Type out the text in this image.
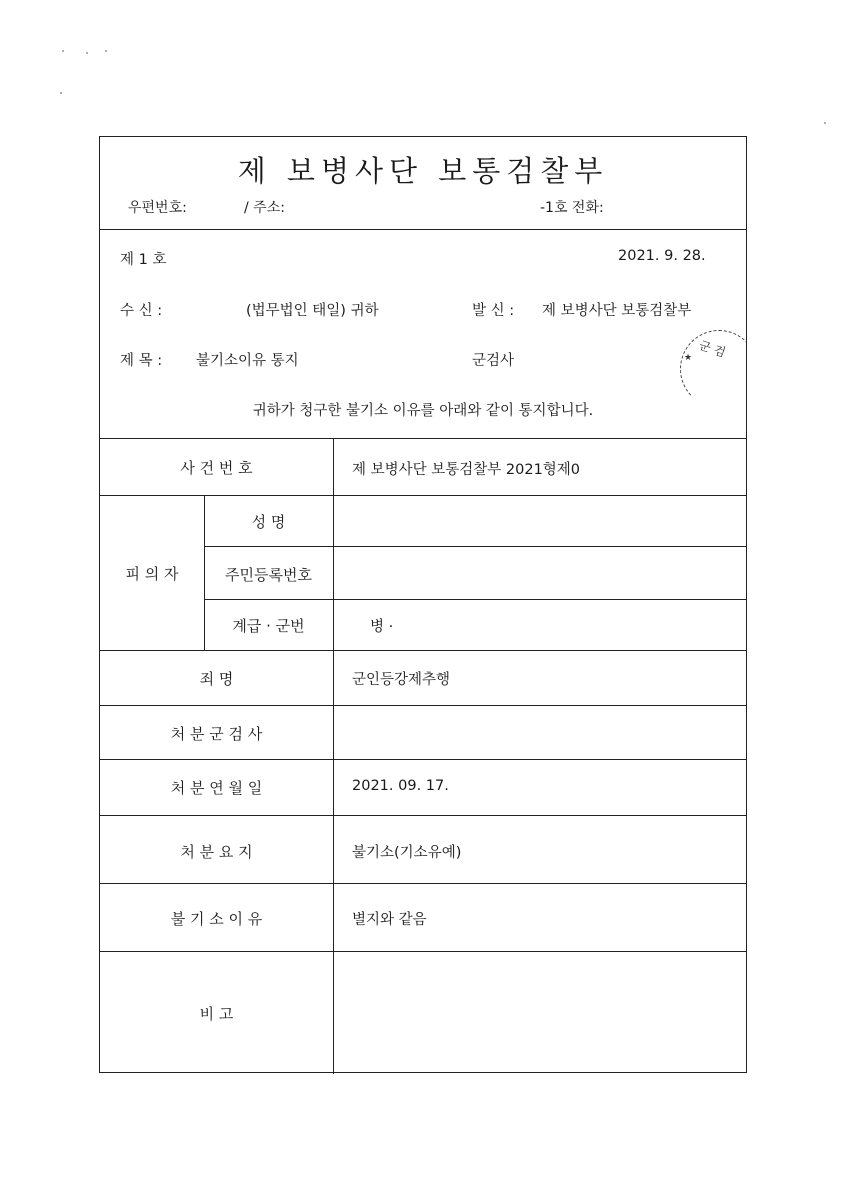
제 보병사단 보통검찰부
우편번호:	/ 주소:	-1호 전화:
제 1 호	2021. 9. 28.
수 신 :	(법무법인 태일) 귀하	발 신 : 제 보병사단 보통검찰부
제 목 : 불기소이유 통지	군검사	★ 군 검
귀하가 청구한 불기소 이유를 아래와 같이 통지합니다.
사 건 번 호	제 보병사단 보통검찰부 2021형제0
피 의 자
성 명
주민등록번호
계급 · 군번	병 ·
죄 명	군인등강제추행
처 분 군 검 사
처 분 연 월 일	2021. 09. 17.
처 분 요 지	불기소(기소유예)
불 기 소 이 유	별지와 같음
비 고
